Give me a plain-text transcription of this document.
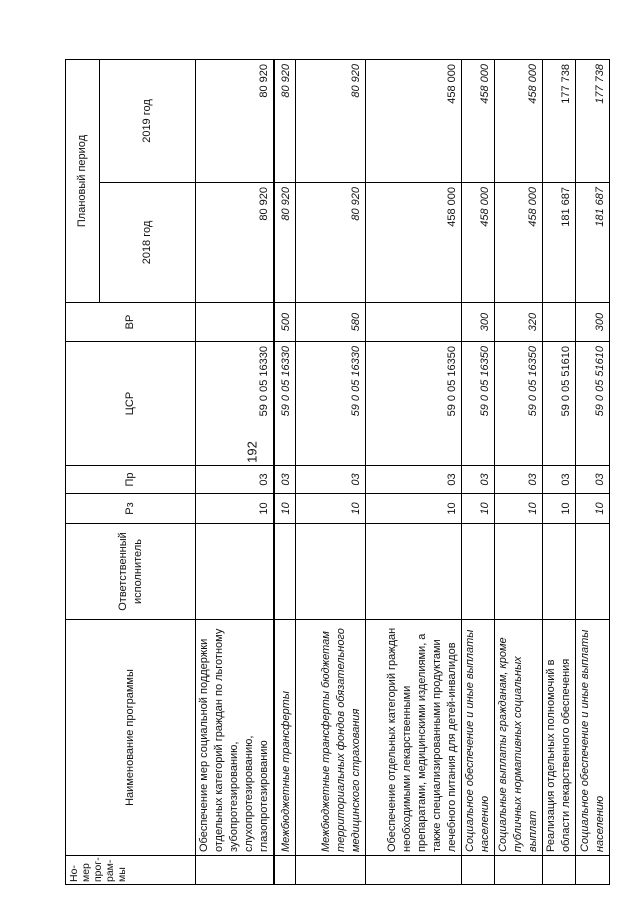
192
Но-мер прог-рам-мы	Наименование программы	Ответственный исполнитель	Рз	Пр	ЦСР	ВР	Плановый период	
							2018 год	2019 год
	Обеспечение мер социальной поддержки отдельных категорий граждан по льготному зубопротезированию, слухопротезированию, глазопротезированию		10	03	59 0 05 16330		80 920	80 920
	Межбюджетные трансферты		10	03	59 0 05 16330	500	80 920	80 920
	Межбюджетные трансферты бюджетам территориальных фондов обязательного медицинского страхования		10	03	59 0 05 16330	580	80 920	80 920
	Обеспечение отдельных категорий граждан необходимыми лекарственными препаратами, медицинскими изделиями, а также специализированными продуктами лечебного питания для детей-инвалидов		10	03	59 0 05 16350		458 000	458 000
	Социальное обеспечение и иные выплаты населению		10	03	59 0 05 16350	300	458 000	458 000
	Социальные выплаты гражданам, кроме публичных нормативных социальных выплат		10	03	59 0 05 16350	320	458 000	458 000
	Реализация отдельных полномочий в области лекарственного обеспечения		10	03	59 0 05 51610		181 687	177 738
	Социальное обеспечение и иные выплаты населению		10	03	59 0 05 51610	300	181 687	177 738
